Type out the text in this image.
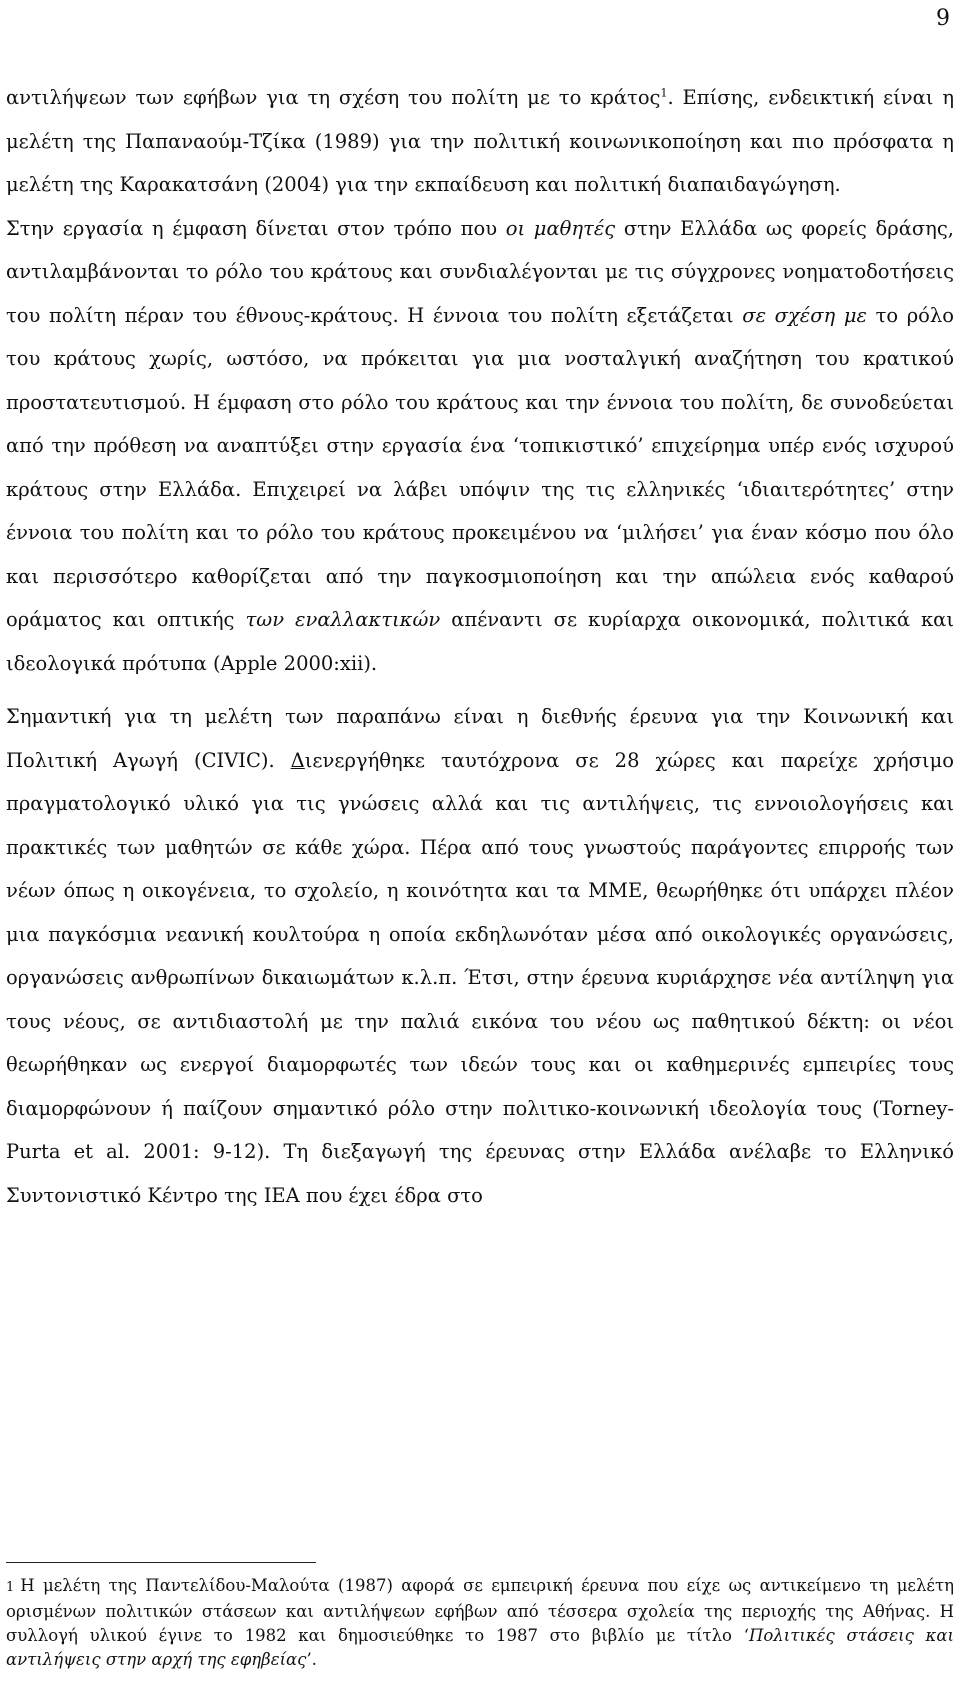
9

αντιλήψεων των εφήβων για τη σχέση του πολίτη με το κράτος$^1$. Επίσης, ενδεικτική είναι η μελέτη της Παπαναούμ-Τζίκα (1989) για την πολιτική κοινωνικοποίηση και πιο πρόσφατα η μελέτη της Καρακατσάνη (2004) για την εκπαίδευση και πολιτική διαπαιδαγώγηση.

Στην εργασία η έμφαση δίνεται στον τρόπο που οι μαθητές στην Ελλάδα ως φορείς δράσης, αντιλαμβάνονται το ρόλο του κράτους και συνδιαλέγονται με τις σύγχρονες νοηματοδοτήσεις του πολίτη πέραν του έθνους-κράτους. Η έννοια του πολίτη εξετάζεται σε σχέση με το ρόλο του κράτους χωρίς, ωστόσο, να πρόκειται για μια νοσταλγική αναζήτηση του κρατικού προστατευτισμού. Η έμφαση στο ρόλο του κράτους και την έννοια του πολίτη, δε συνοδεύεται από την πρόθεση να αναπτύξει στην εργασία ένα ‘τοπικιστικό’ επιχείρημα υπέρ ενός ισχυρού κράτους στην Ελλάδα. Επιχειρεί να λάβει υπόψιν της τις ελληνικές ‘ιδιαιτερότητες’ στην έννοια του πολίτη και το ρόλο του κράτους προκειμένου να ‘μιλήσει’ για έναν κόσμο που όλο και περισσότερο καθορίζεται από την παγκοσμιοποίηση και την απώλεια ενός καθαρού οράματος και οπτικής των εναλλακτικών απέναντι σε κυρίαρχα οικονομικά, πολιτικά και ιδεολογικά πρότυπα (Apple 2000:xii).

Σημαντική για τη μελέτη των παραπάνω είναι η διεθνής έρευνα για την Κοινωνική και Πολιτική Αγωγή (CIVIC). Διενεργήθηκε ταυτόχρονα σε 28 χώρες και παρείχε χρήσιμο πραγματολογικό υλικό για τις γνώσεις αλλά και τις αντιλήψεις, τις εννοιολογήσεις και πρακτικές των μαθητών σε κάθε χώρα. Πέρα από τους γνωστούς παράγοντες επιρροής των νέων όπως η οικογένεια, το σχολείο, η κοινότητα και τα ΜΜΕ, θεωρήθηκε ότι υπάρχει πλέον μια παγκόσμια νεανική κουλτούρα η οποία εκδηλωνόταν μέσα από οικολογικές οργανώσεις, οργανώσεις ανθρωπίνων δικαιωμάτων κ.λ.π. Έτσι, στην έρευνα κυριάρχησε νέα αντίληψη για τους νέους, σε αντιδιαστολή με την παλιά εικόνα του νέου ως παθητικού δέκτη: οι νέοι θεωρήθηκαν ως ενεργοί διαμορφωτές των ιδεών τους και οι καθημερινές εμπειρίες τους διαμορφώνουν ή παίζουν σημαντικό ρόλο στην πολιτικο-κοινωνική ιδεολογία τους (Torney-Purta et al. 2001: 9-12). Τη διεξαγωγή της έρευνας στην Ελλάδα ανέλαβε το Ελληνικό Συντονιστικό Κέντρο της ΙΕΑ που έχει έδρα στο

1 Η μελέτη της Παντελίδου-Μαλούτα (1987) αφορά σε εμπειρική έρευνα που είχε ως αντικείμενο τη μελέτη ορισμένων πολιτικών στάσεων και αντιλήψεων εφήβων από τέσσερα σχολεία της περιοχής της Αθήνας. Η συλλογή υλικού έγινε το 1982 και δημοσιεύθηκε το 1987 στο βιβλίο με τίτλο ‘Πολιτικές στάσεις και αντιλήψεις στην αρχή της εφηβείας’.
